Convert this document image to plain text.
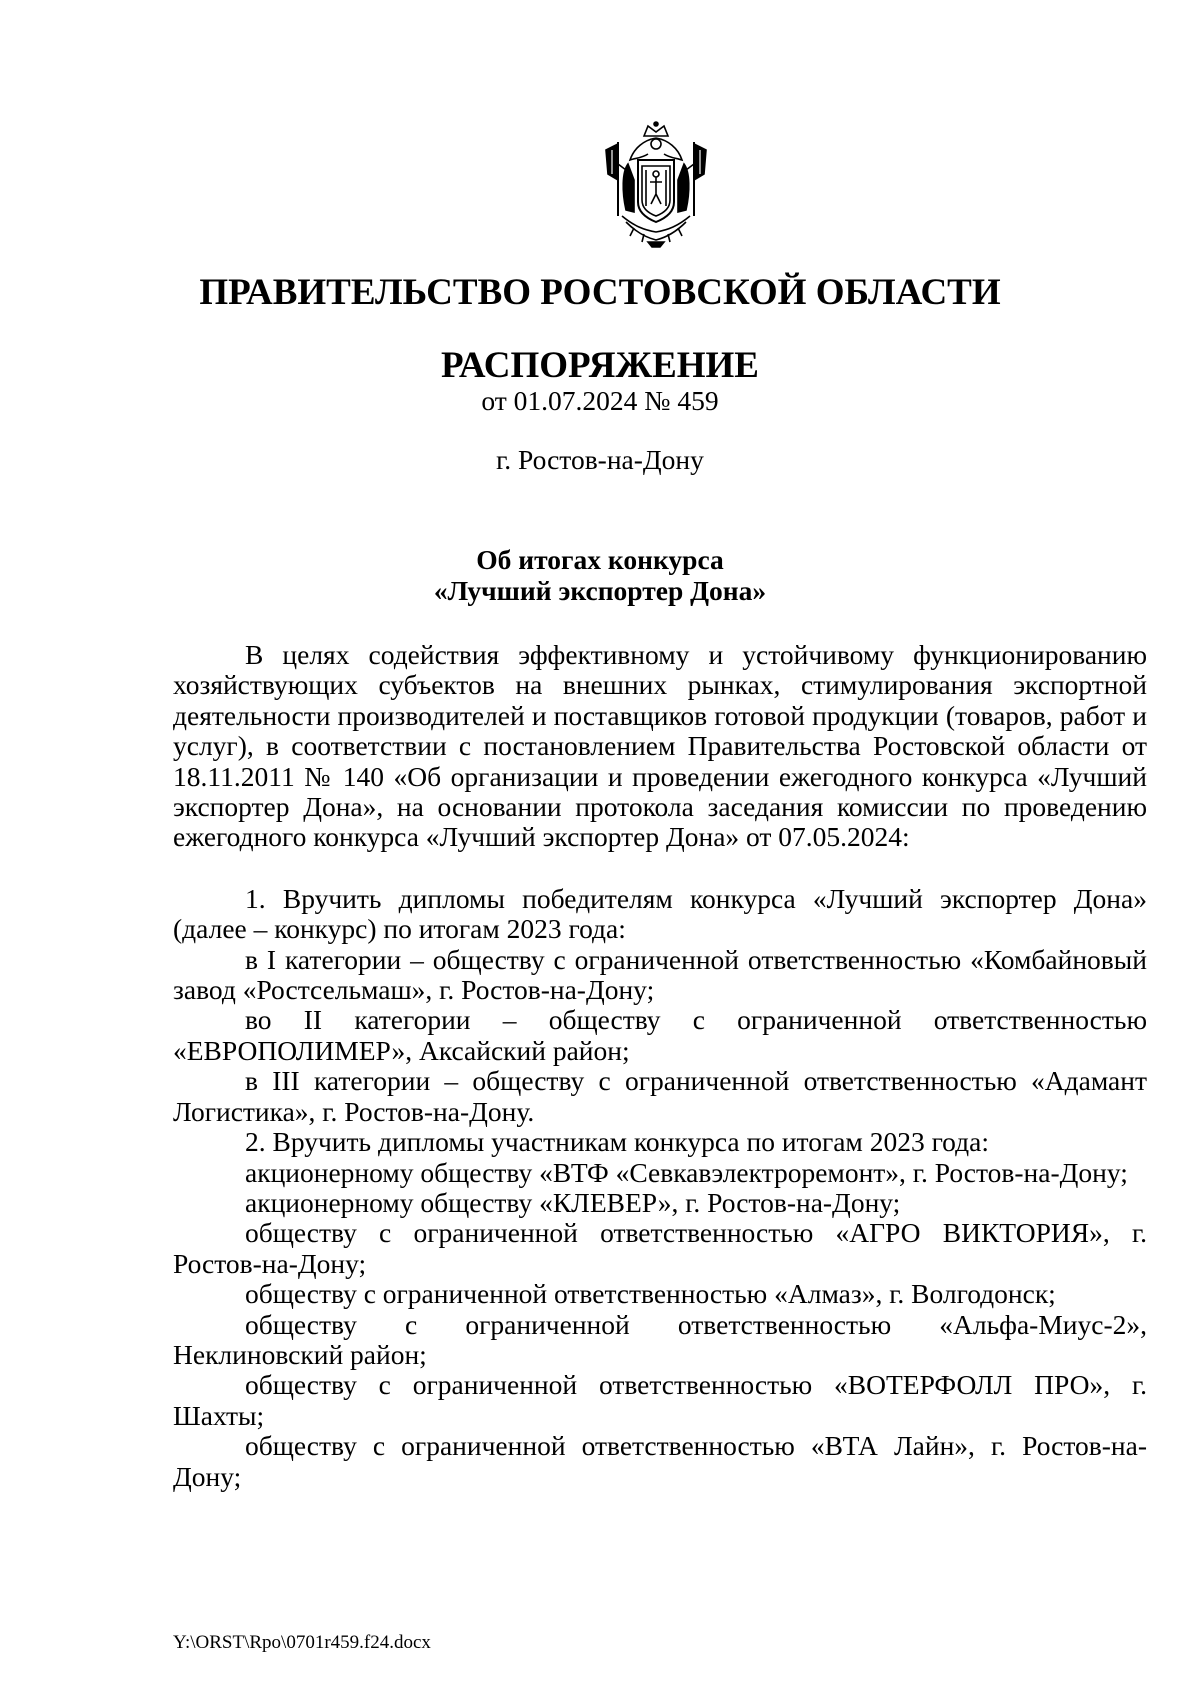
ПРАВИТЕЛЬСТВО РОСТОВСКОЙ ОБЛАСТИ
РАСПОРЯЖЕНИЕ
от 01.07.2024 № 459
г. Ростов-на-Дону
Об итогах конкурса
«Лучший экспортер Дона»

В целях содействия эффективному и устойчивому функционированию хозяйствующих субъектов на внешних рынках, стимулирования экспортной деятельности производителей и поставщиков готовой продукции (товаров, работ и услуг), в соответствии с постановлением Правительства Ростовской области от 18.11.2011 № 140 «Об организации и проведении ежегодного конкурса «Лучший экспортер Дона», на основании протокола заседания комиссии по проведению ежегодного конкурса «Лучший экспортер Дона» от 07.05.2024:

1. Вручить дипломы победителям конкурса «Лучший экспортер Дона» (далее – конкурс) по итогам 2023 года:

в I категории – обществу с ограниченной ответственностью «Комбайновый завод «Ростсельмаш», г. Ростов-на-Дону;

во II категории – обществу с ограниченной ответственностью «ЕВРОПОЛИМЕР», Аксайский район;

в III категории – обществу с ограниченной ответственностью «Адамант Логистика», г. Ростов-на-Дону.

2. Вручить дипломы участникам конкурса по итогам 2023 года:

акционерному обществу «ВТФ «Севкавэлектроремонт», г. Ростов-на-Дону;

акционерному обществу «КЛЕВЕР», г. Ростов-на-Дону;

обществу с ограниченной ответственностью «АГРО ВИКТОРИЯ», г. Ростов-на-Дону;

обществу с ограниченной ответственностью «Алмаз», г. Волгодонск;

обществу с ограниченной ответственностью «Альфа-Миус-2», Неклиновский район;

обществу с ограниченной ответственностью «ВОТЕРФОЛЛ ПРО», г. Шахты;

обществу с ограниченной ответственностью «ВТА Лайн», г. Ростов-на-Дону;

Y:\ORST\Rpo\0701r459.f24.docx
